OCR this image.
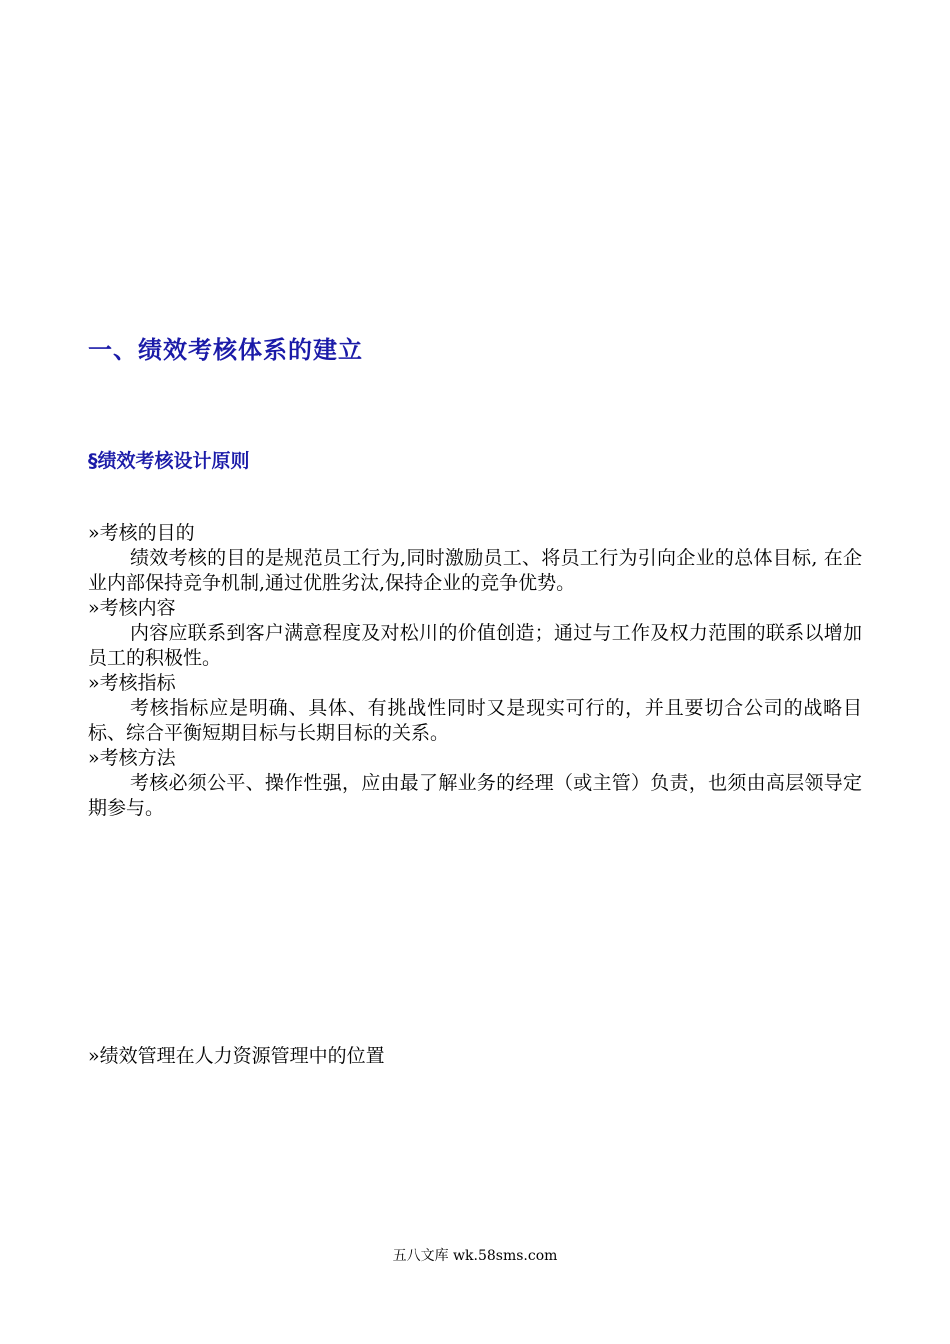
一、绩效考核体系的建立
§绩效考核设计原则
»考核的目的
绩效考核的目的是规范员工行为,同时激励员工、将员工行为引向企业的总体目标, 在企业内部保持竞争机制,通过优胜劣汰,保持企业的竞争优势。
»考核内容
内容应联系到客户满意程度及对松川的价值创造；通过与工作及权力范围的联系以增加员工的积极性。
»考核指标
考核指标应是明确、具体、有挑战性同时又是现实可行的，并且要切合公司的战略目标、综合平衡短期目标与长期目标的关系。
»考核方法
考核必须公平、操作性强，应由最了解业务的经理（或主管）负责，也须由高层领导定期参与。
»绩效管理在人力资源管理中的位置
五八文库 wk.58sms.com
